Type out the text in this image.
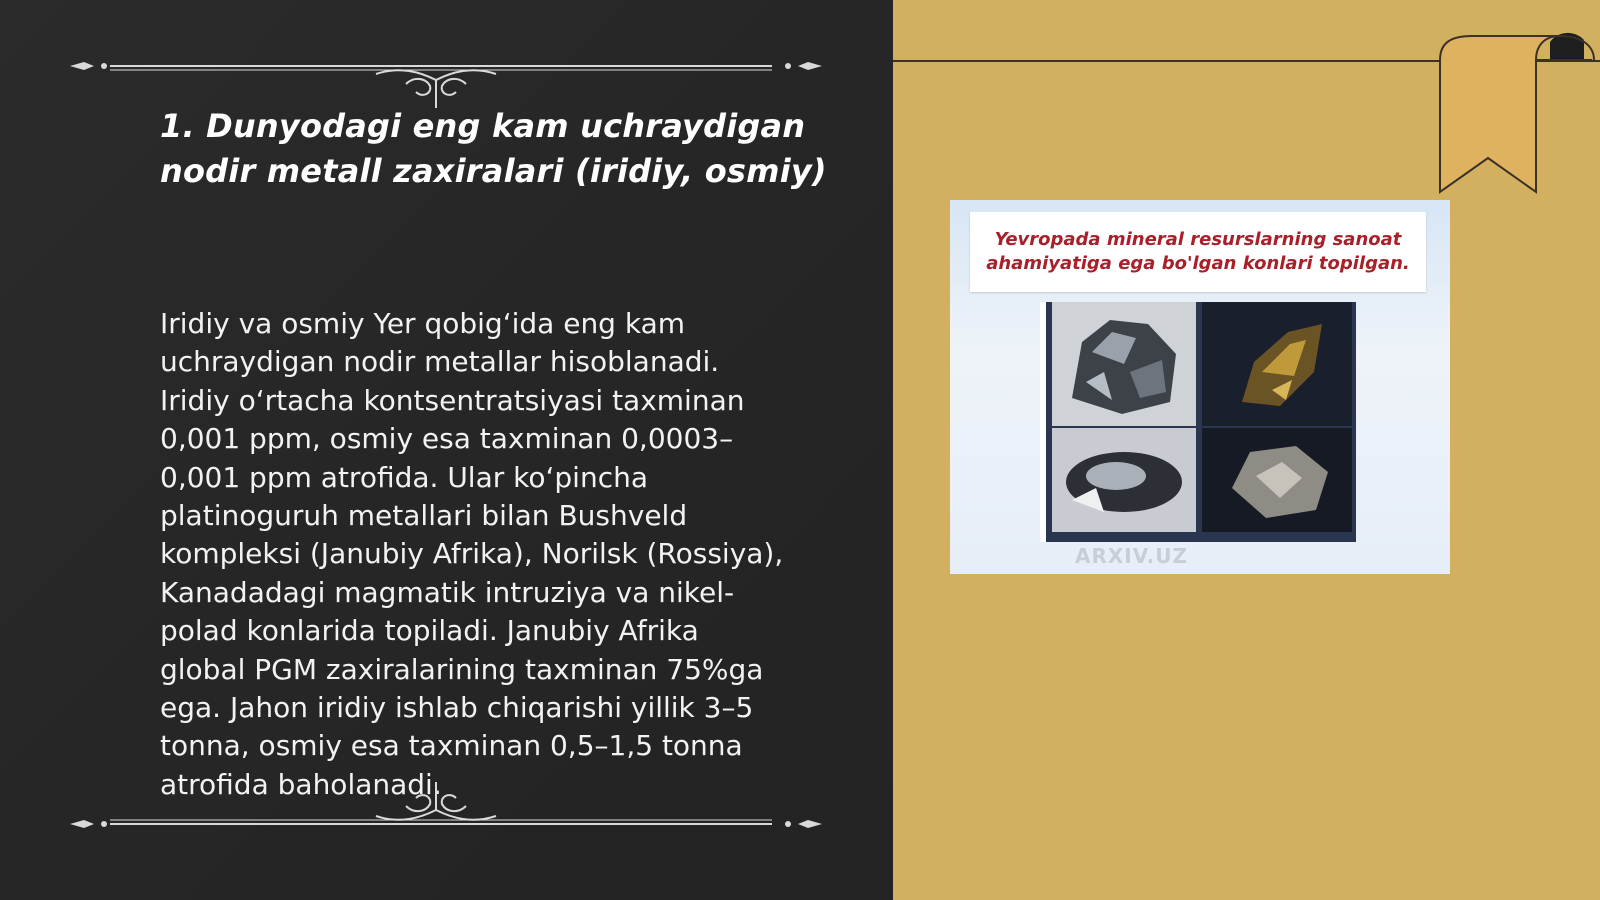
1. Dunyodagi eng kam uchraydigan
nodir metall zaxiralari (iridiy, osmiy)

Iridiy va osmiy Yer qobig‘ida eng kam
uchraydigan nodir metallar hisoblanadi.
Iridiy o‘rtacha kontsentratsiyasi taxminan
0,001 ppm, osmiy esa taxminan 0,0003–
0,001 ppm atrofida. Ular ko‘pincha
platinoguruh metallari bilan Bushveld
kompleksi (Janubiy Afrika), Norilsk (Rossiya),
Kanadadagi magmatik intruziya va nikel-
polad konlarida topiladi. Janubiy Afrika
global PGM zaxiralarining taxminan 75%ga
ega. Jahon iridiy ishlab chiqarishi yillik 3–5
tonna, osmiy esa taxminan 0,5–1,5 tonna
atrofida baholanadi.

Yevropada mineral resurslarning sanoat
ahamiyatiga ega bo'lgan konlari topilgan.
ARXIV.UZ
